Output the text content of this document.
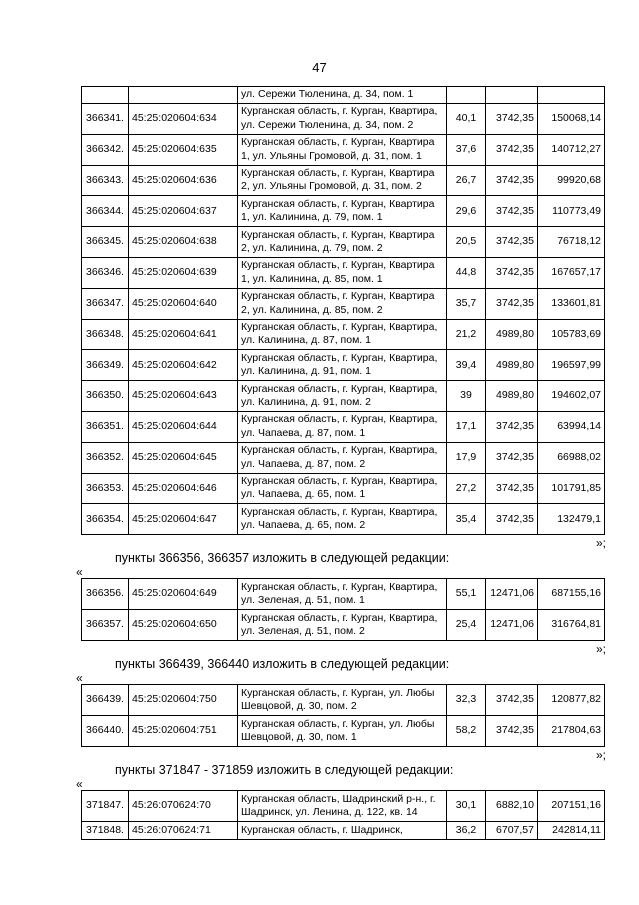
47
		ул. Сережи Тюленина, д. 34, пом. 1			
366341.	45:25:020604:634	Курганская область, г. Курган, Квартира, ул. Сережи Тюленина, д. 34, пом. 2	40,1	3742,35	150068,14
366342.	45:25:020604:635	Курганская область, г. Курган, Квартира 1, ул. Ульяны Громовой, д. 31, пом. 1	37,6	3742,35	140712,27
366343.	45:25:020604:636	Курганская область, г. Курган, Квартира 2, ул. Ульяны Громовой, д. 31, пом. 2	26,7	3742,35	99920,68
366344.	45:25:020604:637	Курганская область, г. Курган, Квартира 1, ул. Калинина, д. 79, пом. 1	29,6	3742,35	110773,49
366345.	45:25:020604:638	Курганская область, г. Курган, Квартира 2, ул. Калинина, д. 79, пом. 2	20,5	3742,35	76718,12
366346.	45:25:020604:639	Курганская область, г. Курган, Квартира 1, ул. Калинина, д. 85, пом. 1	44,8	3742,35	167657,17
366347.	45:25:020604:640	Курганская область, г. Курган, Квартира 2, ул. Калинина, д. 85, пом. 2	35,7	3742,35	133601,81
366348.	45:25:020604:641	Курганская область, г. Курган, Квартира, ул. Калинина, д. 87, пом. 1	21,2	4989,80	105783,69
366349.	45:25:020604:642	Курганская область, г. Курган, Квартира, ул. Калинина, д. 91, пом. 1	39,4	4989,80	196597,99
366350.	45:25:020604:643	Курганская область, г. Курган, Квартира, ул. Калинина, д. 91, пом. 2	39	4989,80	194602,07
366351.	45:25:020604:644	Курганская область, г. Курган, Квартира, ул. Чапаева, д. 87, пом. 1	17,1	3742,35	63994,14
366352.	45:25:020604:645	Курганская область, г. Курган, Квартира, ул. Чапаева, д. 87, пом. 2	17,9	3742,35	66988,02
366353.	45:25:020604:646	Курганская область, г. Курган, Квартира, ул. Чапаева, д. 65, пом. 1	27,2	3742,35	101791,85
366354.	45:25:020604:647	Курганская область, г. Курган, Квартира, ул. Чапаева, д. 65, пом. 2	35,4	3742,35	132479,1
»;
пункты 366356, 366357 изложить в следующей редакции:
«
366356.	45:25:020604:649	Курганская область, г. Курган, Квартира, ул. Зеленая, д. 51, пом. 1	55,1	12471,06	687155,16
366357.	45:25:020604:650	Курганская область, г. Курган, Квартира, ул. Зеленая, д. 51, пом. 2	25,4	12471,06	316764,81
»;
пункты 366439, 366440 изложить в следующей редакции:
«
366439.	45:25:020604:750	Курганская область, г. Курган, ул. Любы Шевцовой, д. 30, пом. 2	32,3	3742,35	120877,82
366440.	45:25:020604:751	Курганская область, г. Курган, ул. Любы Шевцовой, д. 30, пом. 1	58,2	3742,35	217804,63
»;
пункты 371847 - 371859 изложить в следующей редакции:
«
371847.	45:26:070624:70	Курганская область, Шадринский р-н., г. Шадринск, ул. Ленина, д. 122, кв. 14	30,1	6882,10	207151,16
371848.	45:26:070624:71	Курганская область, г. Шадринск,	36,2	6707,57	242814,11
